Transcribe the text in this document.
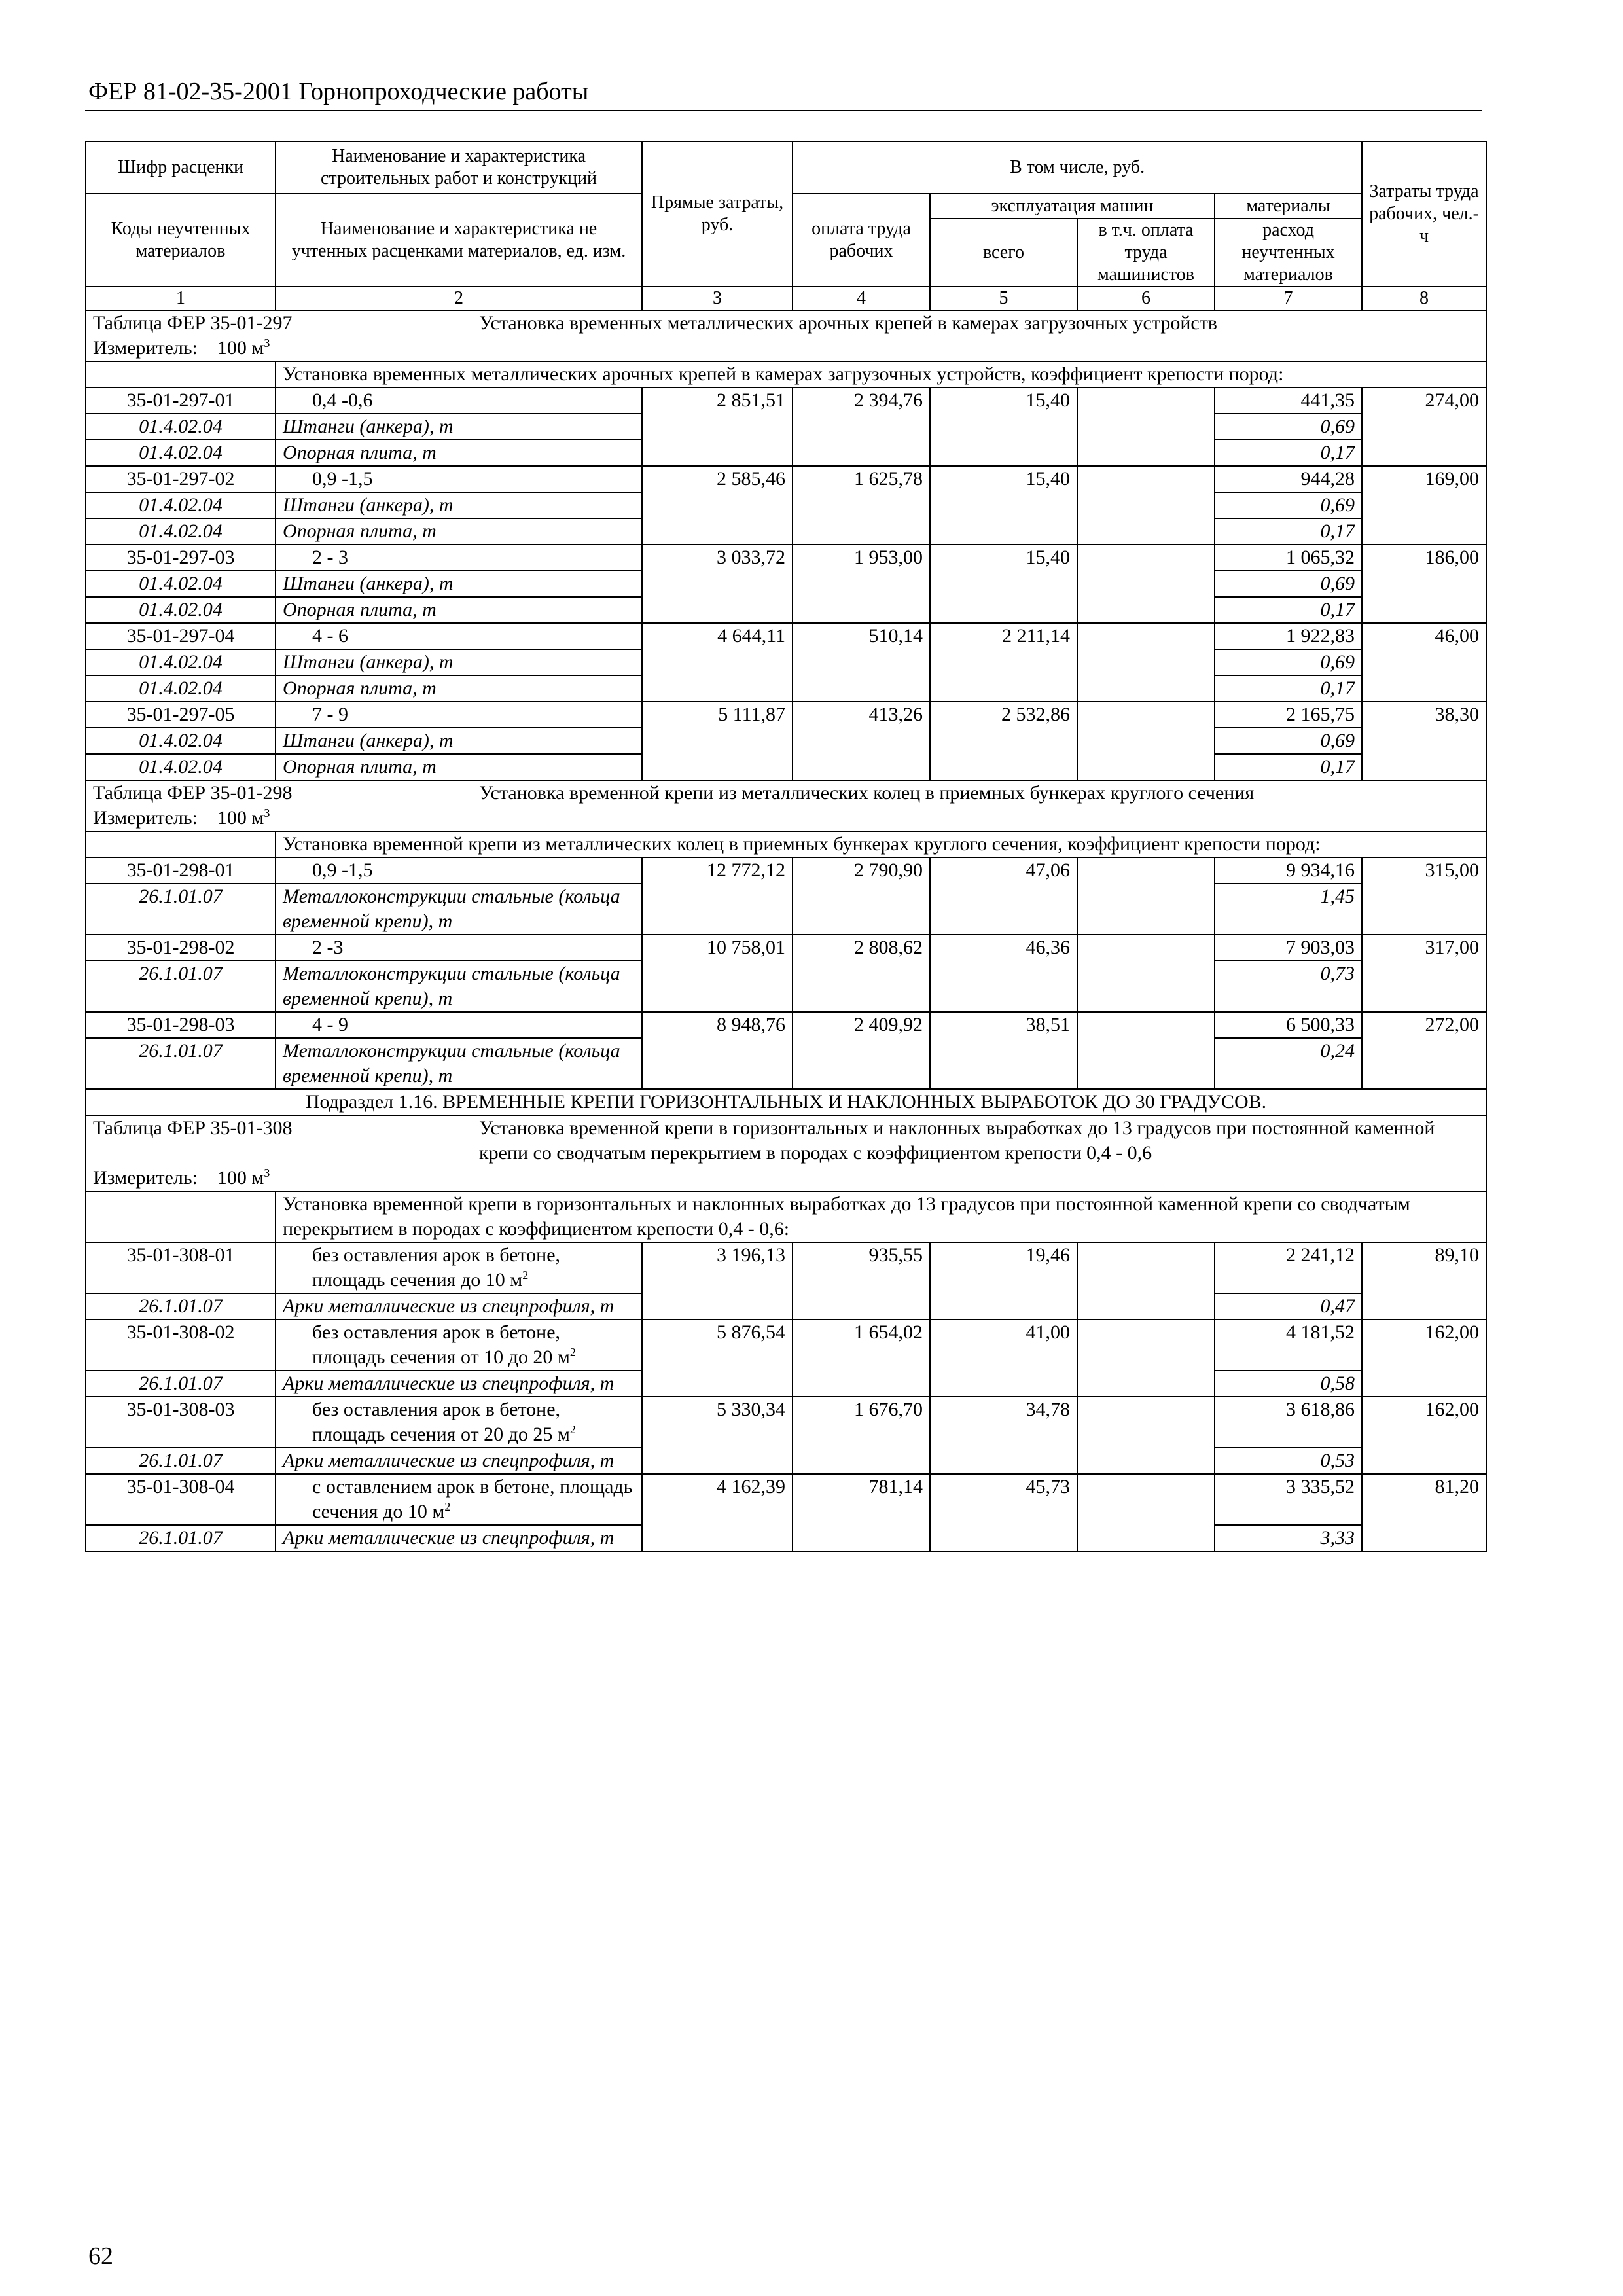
ФЕР 81-02-35-2001 Горнопроходческие работы
Шифр расценки	Наименование и характеристика строительных работ и конструкций	Прямые затраты, руб.	В том числе, руб.				Затраты труда рабочих, чел.-ч
Коды неучтенных материалов	Наименование и характеристика не учтенных расценками материалов, ед. изм.		оплата труда рабочих	эксплуатация машин		материалы	
				всего	в т.ч. оплата труда машинистов	расход неучтенных материалов	
1	2	3	4	5	6	7	8
Таблица ФЕР 35-01-297 Установка временных металлических арочных крепей в камерах загрузочных устройств							
Измеритель: 100 $м^3$
	Установка временных металлических арочных крепей в камерах загрузочных устройств, коэффициент крепости пород:						
35-01-297-01	0,4 -0,6	2 851,51	2 394,76	15,40		441,35	274,00
01.4.02.04	Штанги (анкера), т					0,69	
01.4.02.04	Опорная плита, т					0,17	
35-01-297-02	0,9 -1,5	2 585,46	1 625,78	15,40		944,28	169,00
01.4.02.04	Штанги (анкера), т					0,69	
01.4.02.04	Опорная плита, т					0,17	
35-01-297-03	2 - 3	3 033,72	1 953,00	15,40		1 065,32	186,00
01.4.02.04	Штанги (анкера), т					0,69	
01.4.02.04	Опорная плита, т					0,17	
35-01-297-04	4 - 6	4 644,11	510,14	2 211,14		1 922,83	46,00
01.4.02.04	Штанги (анкера), т					0,69	
01.4.02.04	Опорная плита, т					0,17	
35-01-297-05	7 - 9	5 111,87	413,26	2 532,86		2 165,75	38,30
01.4.02.04	Штанги (анкера), т					0,69	
01.4.02.04	Опорная плита, т					0,17	
Таблица ФЕР 35-01-298 Установка временной крепи из металлических колец в приемных бункерах круглого сечения							
Измеритель: 100 $м^3$
	Установка временной крепи из металлических колец в приемных бункерах круглого сечения, коэффициент крепости пород:						
35-01-298-01	0,9 -1,5	12 772,12	2 790,90	47,06		9 934,16	315,00
26.1.01.07	Металлоконструкции стальные (кольца временной крепи), т					1,45	
35-01-298-02	2 -3	10 758,01	2 808,62	46,36		7 903,03	317,00
26.1.01.07	Металлоконструкции стальные (кольца временной крепи), т					0,73	
35-01-298-03	4 - 9	8 948,76	2 409,92	38,51		6 500,33	272,00
26.1.01.07	Металлоконструкции стальные (кольца временной крепи), т					0,24	
Подраздел 1.16. ВРЕМЕННЫЕ КРЕПИ ГОРИЗОНТАЛЬНЫХ И НАКЛОННЫХ ВЫРАБОТОК ДО 30 ГРАДУСОВ.							
Таблица ФЕР 35-01-308 Установка временной крепи в горизонтальных и наклонных выработках до 13 градусов при постоянной каменной крепи со сводчатым перекрытием в породах с коэффициентом крепости 0,4 - 0,6							
Измеритель: 100 $м^3$
	Установка временной крепи в горизонтальных и наклонных выработках до 13 градусов при постоянной каменной крепи со сводчатым перекрытием в породах с коэффициентом крепости 0,4 - 0,6:						
35-01-308-01	без оставления арок в бетоне, площадь сечения до 10 $м^2$	3 196,13	935,55	19,46		2 241,12	89,10
26.1.01.07	Арки металлические из спецпрофиля, т					0,47	
35-01-308-02	без оставления арок в бетоне, площадь сечения от 10 до 20 $м^2$	5 876,54	1 654,02	41,00		4 181,52	162,00
26.1.01.07	Арки металлические из спецпрофиля, т					0,58	
35-01-308-03	без оставления арок в бетоне, площадь сечения от 20 до 25 $м^2$	5 330,34	1 676,70	34,78		3 618,86	162,00
26.1.01.07	Арки металлические из спецпрофиля, т					0,53	
35-01-308-04	с оставлением арок в бетоне, площадь сечения до 10 $м^2$	4 162,39	781,14	45,73		3 335,52	81,20
26.1.01.07	Арки металлические из спецпрофиля, т					3,33	
62
